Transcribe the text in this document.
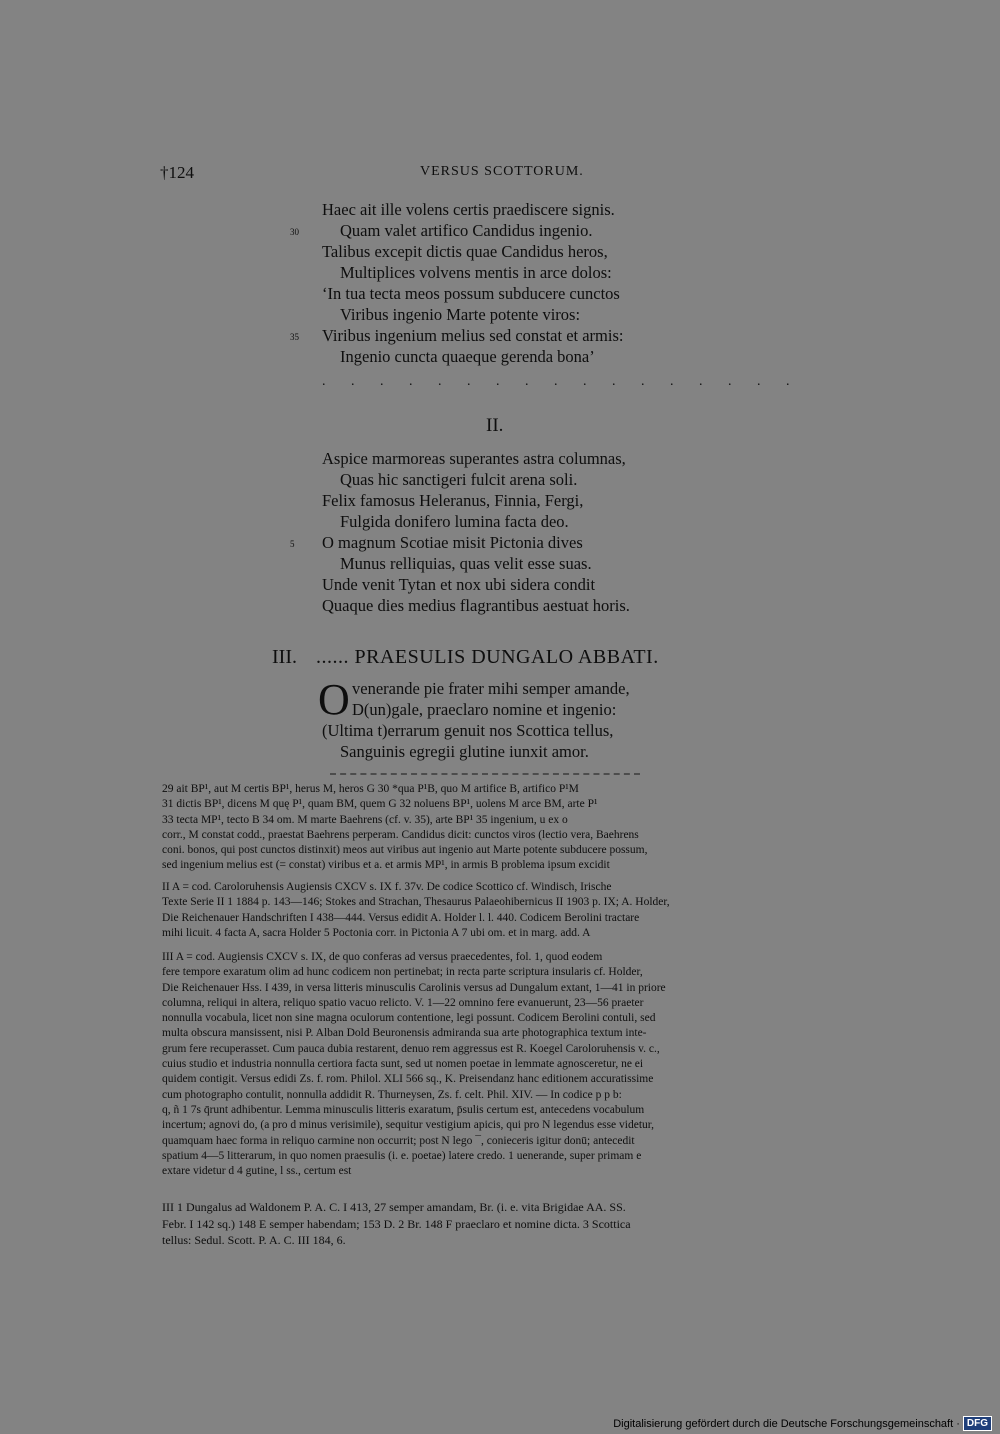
†124	VERSUS SCOTTORUM.
Haec ait ille volens certis praediscere signis.
Quam valet artifico Candidus ingenio.
30
Talibus excepit dictis quae Candidus heros,
Multiplices volvens mentis in arce dolos:
‘In tua tecta meos possum subducere cunctos
Viribus ingenio Marte potente viros:
Viribus ingenium melius sed constat et armis:
35
Ingenio cuncta quaeque gerenda bona’
. . . . . . . . . . . . . . . . .
II.
Aspice marmoreas superantes astra columnas,
Quas hic sanctigeri fulcit arena soli.
Felix famosus Heleranus, Finnia, Fergi,
Fulgida donifero lumina facta deo.
O magnum Scotiae misit Pictonia dives
5
Munus relliquias, quas velit esse suas.
Unde venit Tytan et nox ubi sidera condit
Quaque dies medius flagrantibus aestuat horis.
III. ...... PRAESULIS DUNGALO ABBATI.
O venerande pie frater mihi semper amande,
D(un)gale, praeclaro nomine et ingenio:
(Ultima t)errarum genuit nos Scottica tellus,
Sanguinis egregii glutine iunxit amor.

29 ait BP¹, aut M certis BP¹, herus M, heros G 30 *qua P¹B, quo M artifice B, artifico P¹M

31 dictis BP¹, dicens M quę P¹, quam BM, quem G 32 noluens BP¹, uolens M arce BM, arte P¹

33 tecta MP¹, tecto B 34 om. M marte Baehrens (cf. v. 35), arte BP¹ 35 ingenium, u ex o

corr., M constat codd., praestat Baehrens perperam. Candidus dicit: cunctos viros (lectio vera, Baehrens

coni. bonos, qui post cunctos distinxit) meos aut viribus aut ingenio aut Marte potente subducere possum,

sed ingenium melius est (= constat) viribus et a. et armis MP¹, in armis B problema ipsum excidit

II A = cod. Caroloruhensis Augiensis CXCV s. IX f. 37v. De codice Scottico cf. Windisch, Irische

Texte Serie II 1 1884 p. 143—146; Stokes and Strachan, Thesaurus Palaeohibernicus II 1903 p. IX; A. Holder,

Die Reichenauer Handschriften I 438—444. Versus edidit A. Holder l. l. 440. Codicem Berolini tractare

mihi licuit. 4 facta A, sacra Holder 5 Poctonia corr. in Pictonia A 7 ubi om. et in marg. add. A

III A = cod. Augiensis CXCV s. IX, de quo conferas ad versus praecedentes, fol. 1, quod eodem

fere tempore exaratum olim ad hunc codicem non pertinebat; in recta parte scriptura insularis cf. Holder,

Die Reichenauer Hss. I 439, in versa litteris minusculis Carolinis versus ad Dungalum extant, 1—41 in priore

columna, reliqui in altera, reliquo spatio vacuo relicto. V. 1—22 omnino fere evanuerunt, 23—56 praeter

nonnulla vocabula, licet non sine magna oculorum contentione, legi possunt. Codicem Berolini contuli, sed

multa obscura mansissent, nisi P. Alban Dold Beuronensis admiranda sua arte photographica textum inte-

grum fere recuperasset. Cum pauca dubia restarent, denuo rem aggressus est R. Koegel Caroloruhensis v. c.,

cuius studio et industria nonnulla certiora facta sunt, sed ut nomen poetae in lemmate agnosceretur, ne ei

quidem contigit. Versus edidi Zs. f. rom. Philol. XLI 566 sq., K. Preisendanz hanc editionem accuratissime

cum photographo contulit, nonnulla addidit R. Thurneysen, Zs. f. celt. Phil. XIV. — In codice p p b:

q, ñ 1 7s q̄runt adhibentur. Lemma minusculis litteris exaratum, p̄sulis certum est, antecedens vocabulum

incertum; agnovi do, (a pro d minus verisimile), sequitur vestigium apicis, qui pro N legendus esse videtur,

quamquam haec forma in reliquo carmine non occurrit; post N lego ¯, conieceris igitur donū; antecedit

spatium 4—5 litterarum, in quo nomen praesulis (i. e. poetae) latere credo. 1 uenerande, super primam e

extare videtur d 4 gutine, l ss., certum est

III 1 Dungalus ad Waldonem P. A. C. I 413, 27 semper amandam, Br. (i. e. vita Brigidae AA. SS.

Febr. I 142 sq.) 148 E semper habendam; 153 D. 2 Br. 148 F praeclaro et nomine dicta. 3 Scottica

tellus: Sedul. Scott. P. A. C. III 184, 6.

Digitalisierung gefördert durch die Deutsche Forschungsgemeinschaft · DFG
